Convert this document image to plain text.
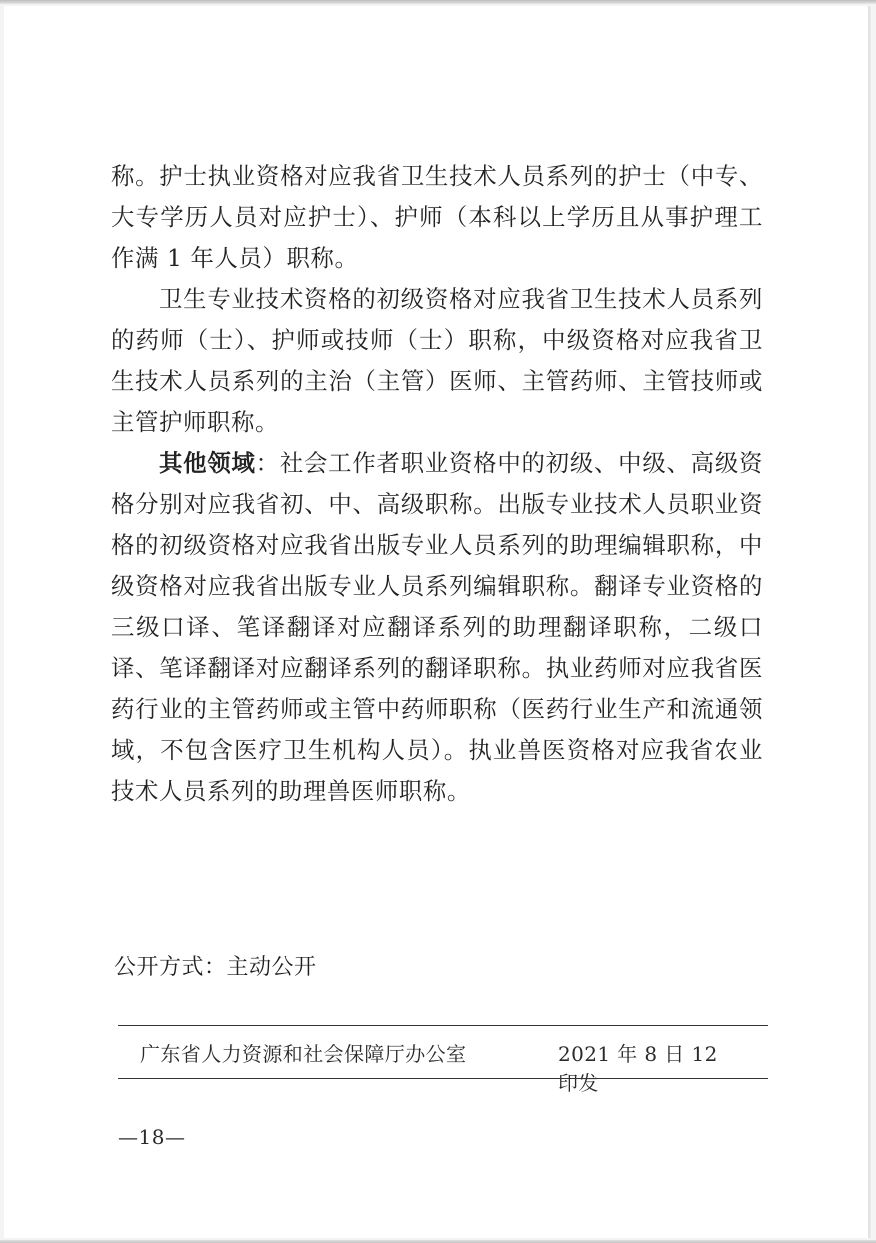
称。护士执业资格对应我省卫生技术人员系列的护士（中专、大专学历人员对应护士）、护师（本科以上学历且从事护理工作满 1 年人员）职称。

卫生专业技术资格的初级资格对应我省卫生技术人员系列的药师（士）、护师或技师（士）职称，中级资格对应我省卫生技术人员系列的主治（主管）医师、主管药师、主管技师或主管护师职称。

其他领域：社会工作者职业资格中的初级、中级、高级资格分别对应我省初、中、高级职称。出版专业技术人员职业资格的初级资格对应我省出版专业人员系列的助理编辑职称，中级资格对应我省出版专业人员系列编辑职称。翻译专业资格的三级口译、笔译翻译对应翻译系列的助理翻译职称，二级口译、笔译翻译对应翻译系列的翻译职称。执业药师对应我省医药行业的主管药师或主管中药师职称（医药行业生产和流通领域，不包含医疗卫生机构人员）。执业兽医资格对应我省农业技术人员系列的助理兽医师职称。

公开方式：主动公开
广东省人力资源和社会保障厅办公室	2021 年 8 日 12 印发
—18—
